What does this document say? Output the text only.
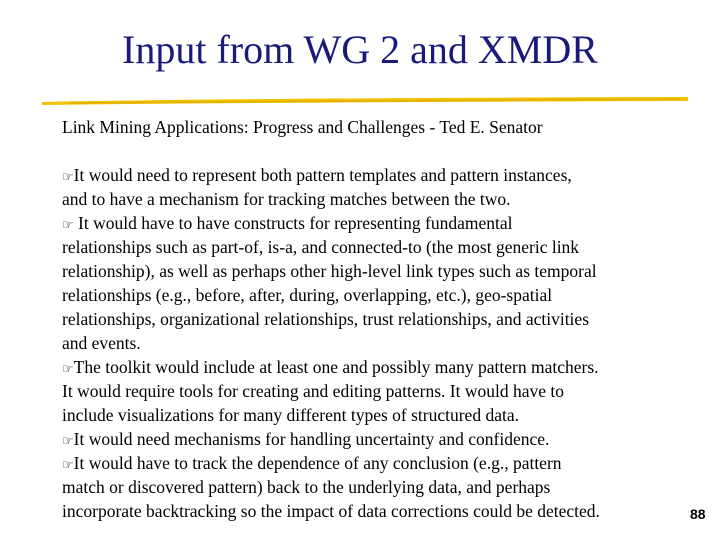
Input from WG 2 and XMDR
Link Mining Applications: Progress and Challenges - Ted E. Senator
☞It would need to represent both pattern templates and pattern instances,
and to have a mechanism for tracking matches between the two.
☞ It would have to have constructs for representing fundamental
relationships such as part-of, is-a, and connected-to (the most generic link
relationship), as well as perhaps other high-level link types such as temporal
relationships (e.g., before, after, during, overlapping, etc.), geo-spatial
relationships, organizational relationships, trust relationships, and activities
and events.
☞The toolkit would include at least one and possibly many pattern matchers.
It would require tools for creating and editing patterns. It would have to
include visualizations for many different types of structured data.
☞It would need mechanisms for handling uncertainty and confidence.
☞It would have to track the dependence of any conclusion (e.g., pattern
match or discovered pattern) back to the underlying data, and perhaps
incorporate backtracking so the impact of data corrections could be detected.	88
